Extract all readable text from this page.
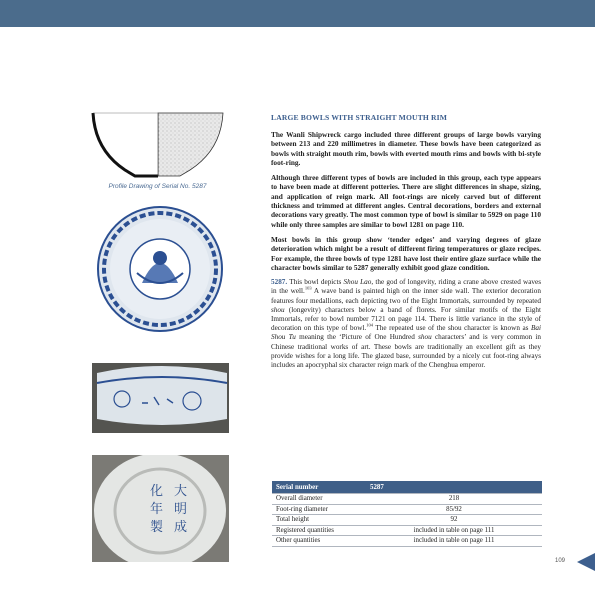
Profile Drawing of Serial No. 5287
大
明
成
化
年
製
LARGE BOWLS WITH STRAIGHT MOUTH RIM

The Wanli Shipwreck cargo included three different groups of large bowls varying between 213 and 220 millimetres in diameter. These bowls have been categorized as bowls with straight mouth rim, bowls with everted mouth rims and bowls with bi-style foot-ring.

Although three different types of bowls are included in this group, each type appears to have been made at different potteries. There are slight differences in shape, sizing, and application of reign mark. All foot-rings are nicely carved but of different thickness and trimmed at different angles. Central decorations, borders and external decorations vary greatly. The most common type of bowl is similar to 5929 on page 110 while only three samples are similar to bowl 1281 on page 110.

Most bowls in this group show ‘tender edges’ and varying degrees of glaze deterioration which might be a result of different firing temperatures or glaze recipes. For example, the three bowls of type 1281 have lost their entire glaze surface while the character bowls similar to 5287 generally exhibit good glaze condition.

5287. This bowl depicts Shou Lao, the god of longevity, riding a crane above crested waves in the well.$^{103}$ A wave band is painted high on the inner side wall. The exterior decoration features four medallions, each depicting two of the Eight Immortals, surrounded by repeated shou (longevity) characters below a band of florets. For similar motifs of the Eight Immortals, refer to bowl number 7121 on page 114. There is little variance in the style of decoration on this type of bowl.$^{104}$ The repeated use of the shou character is known as Bai Shou Tu meaning the ‘Picture of One Hundred shou characters’ and is very common in Chinese traditional works of art. These bowls are traditionally an excellent gift as they provide wishes for a long life. The glazed base, surrounded by a nicely cut foot-ring always includes an apocryphal six character reign mark of the Chenghua emperor.

Serial number	5287
Overall diameter	218
Foot-ring diameter	85/92
Total height	92
Registered quantities	included in table on page 111
Other quantities	included in table on page 111
109
